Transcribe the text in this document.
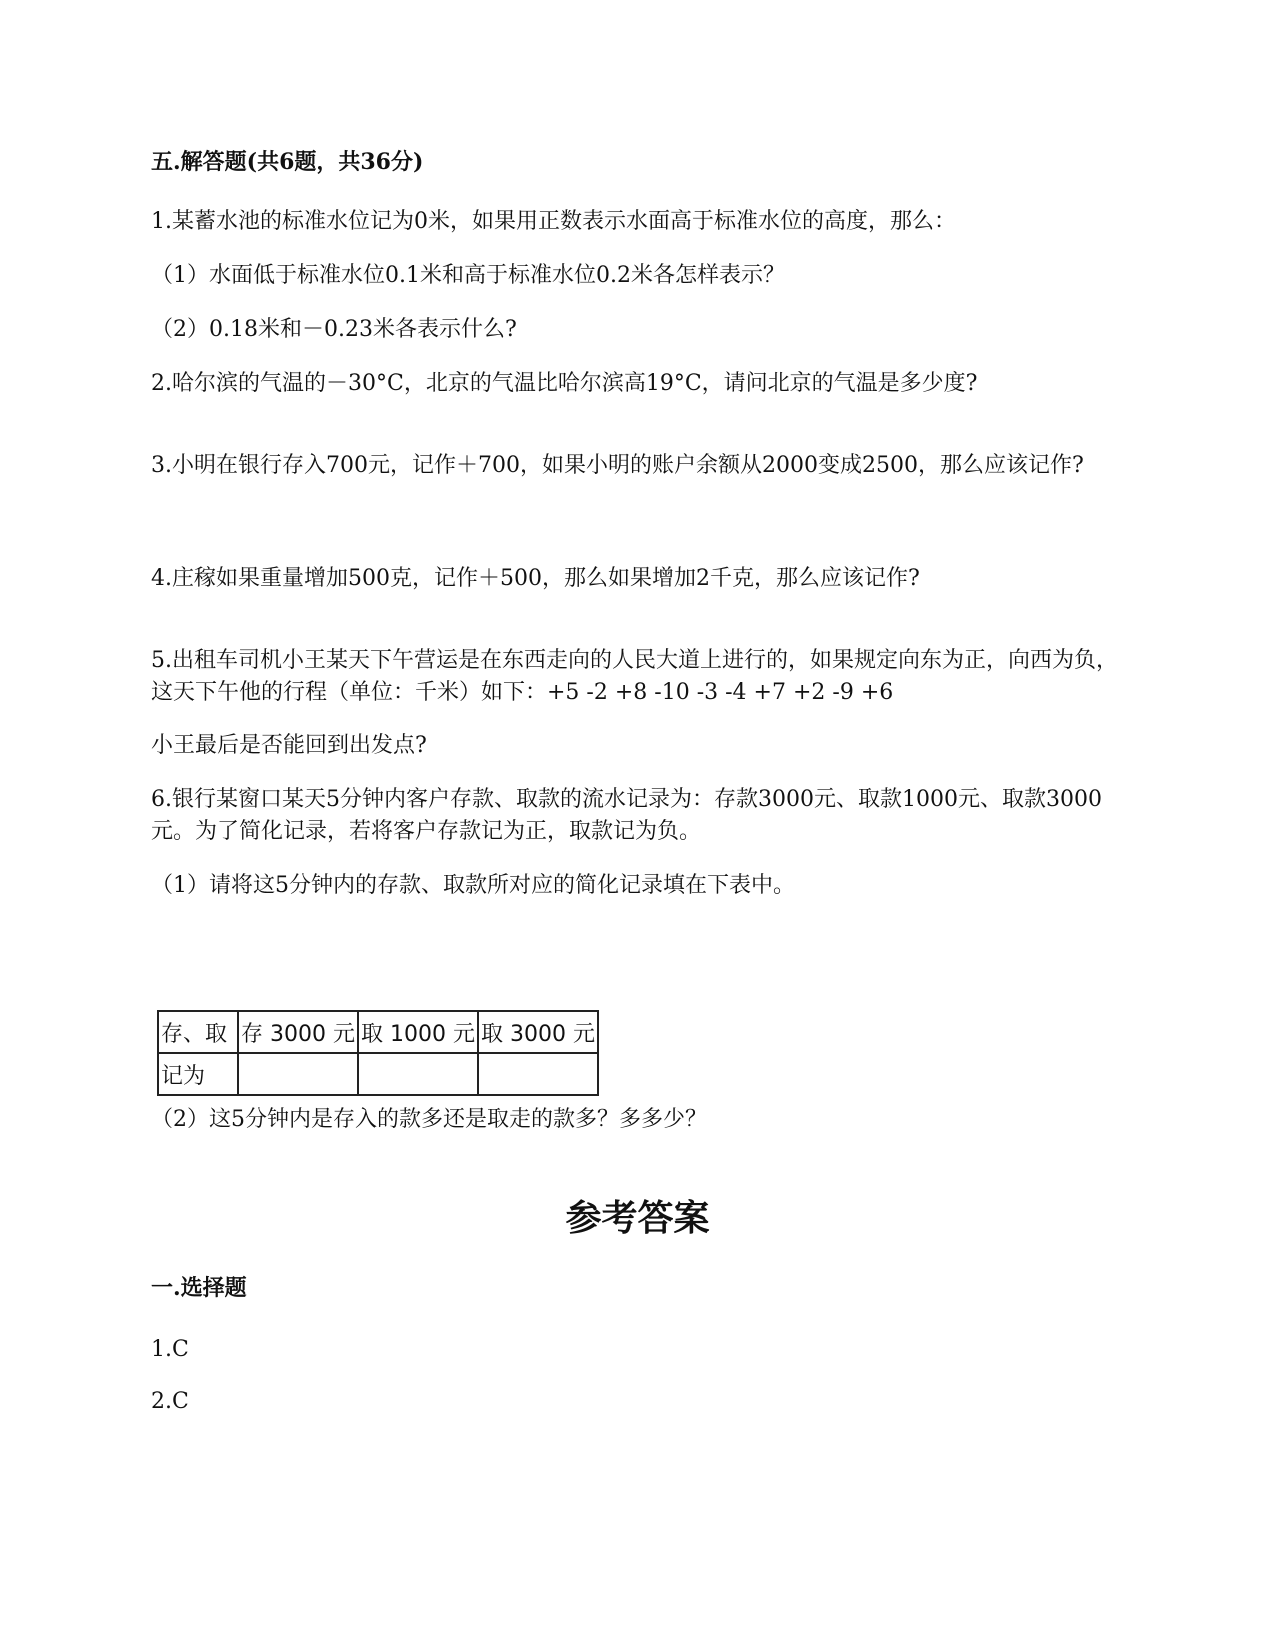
五.解答题(共6题，共36分)
1.某蓄水池的标准水位记为0米，如果用正数表示水面高于标准水位的高度，那么：
（1）水面低于标准水位0.1米和高于标准水位0.2米各怎样表示？
（2）0.18米和－0.23米各表示什么?
2.哈尔滨的气温的－30°C，北京的气温比哈尔滨高19°C，请问北京的气温是多少度?
3.小明在银行存入700元，记作＋700，如果小明的账户余额从2000变成2500，那么应该记作?
4.庄稼如果重量增加500克，记作＋500，那么如果增加2千克，那么应该记作?
5.出租车司机小王某天下午营运是在东西走向的人民大道上进行的，如果规定向东为正，向西为负，这天下午他的行程（单位：千米）如下：+5 -2 +8 -10 -3 -4 +7 +2 -9 +6
小王最后是否能回到出发点?
6.银行某窗口某天5分钟内客户存款、取款的流水记录为：存款3000元、取款1000元、取款3000元。为了简化记录，若将客户存款记为正，取款记为负。
（1）请将这5分钟内的存款、取款所对应的简化记录填在下表中。
存、取	存 3000 元	取 1000 元	取 3000 元
记为			
（2）这5分钟内是存入的款多还是取走的款多？多多少？
参考答案
一.选择题
1.C
2.C
